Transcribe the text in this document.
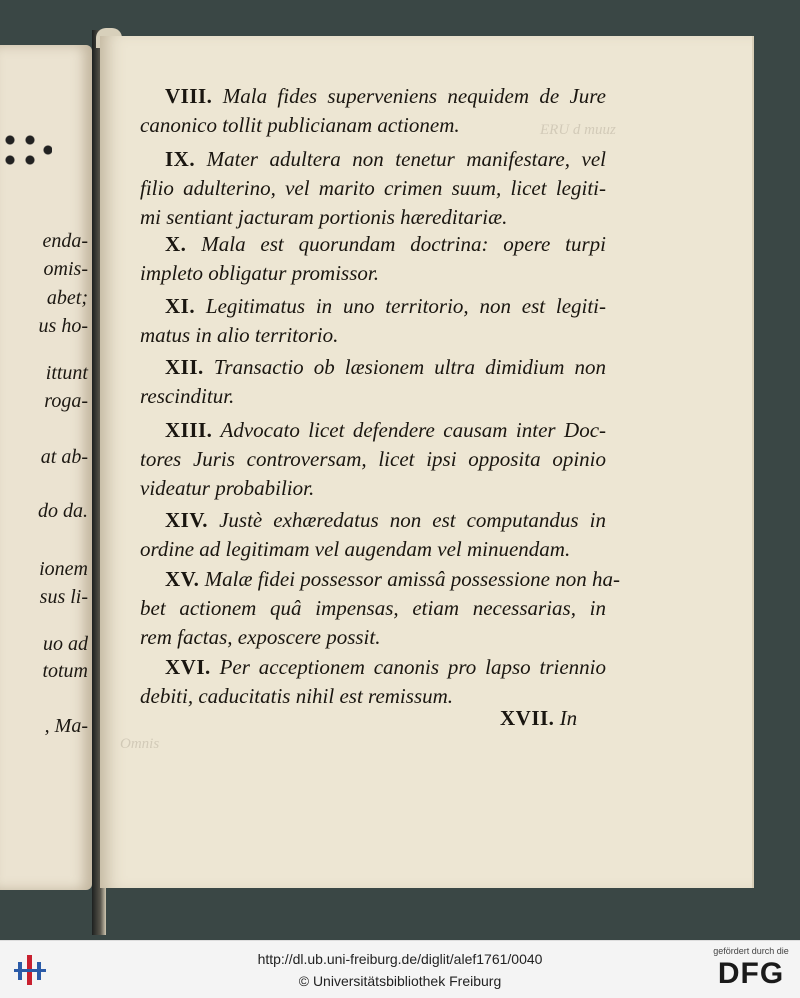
enda-
omis-
abet;
us ho-
ittunt
roga-
at ab-
do da.
ionem
sus li-
uo ad
totum
, Ma-
ERU d muuz
Omnis
VIII. Mala fides superveniens nequidem de Jure
canonico tollit publicianam actionem.
IX. Mater adultera non tenetur manifestare, vel
filio adulterino, vel marito crimen suum, licet legiti-
mi sentiant jacturam portionis hæreditariæ.
X. Mala est quorundam doctrina: opere turpi
impleto obligatur promissor.
XI. Legitimatus in uno territorio, non est legiti-
matus in alio territorio.
XII. Transactio ob læsionem ultra dimidium non
rescinditur.
XIII. Advocato licet defendere causam inter Doc-
tores Juris controversam, licet ipsi opposita opinio
videatur probabilior.
XIV. Justè exhæredatus non est computandus in
ordine ad legitimam vel augendam vel minuendam.
XV. Malæ fidei possessor amissâ possessione non ha-
bet actionem quâ impensas, etiam necessarias, in
rem factas, exposcere possit.
XVI. Per acceptionem canonis pro lapso triennio
debiti, caducitatis nihil est remissum.
XVII. In
http://dl.ub.uni-freiburg.de/diglit/alef1761/0040
© Universitätsbibliothek Freiburg
gefördert durch die
DFG
